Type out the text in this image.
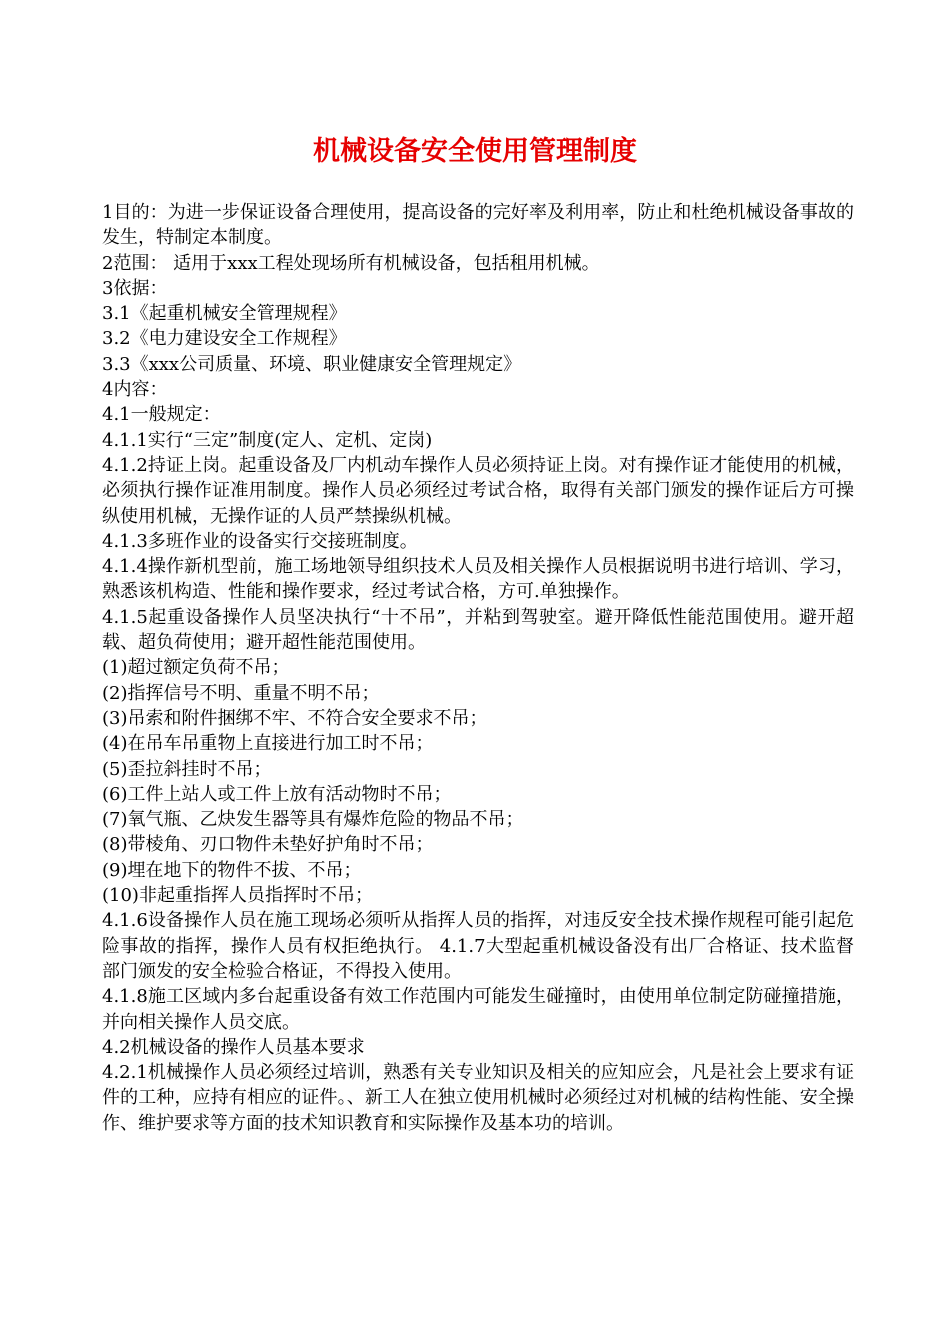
机械设备安全使用管理制度

1目的：为进一步保证设备合理使用，提高设备的完好率及利用率，防止和杜绝机械设备事故的发生，特制定本制度。

2范围： 适用于xxx工程处现场所有机械设备，包括租用机械。

3依据：

3.1《起重机械安全管理规程》

3.2《电力建设安全工作规程》

3.3《xxx公司质量、环境、职业健康安全管理规定》

4内容：

4.1一般规定：

4.1.1实行“三定”制度(定人、定机、定岗)

4.1.2持证上岗。起重设备及厂内机动车操作人员必须持证上岗。对有操作证才能使用的机械，必须执行操作证准用制度。操作人员必须经过考试合格，取得有关部门颁发的操作证后方可操纵使用机械，无操作证的人员严禁操纵机械。

4.1.3多班作业的设备实行交接班制度。

4.1.4操作新机型前，施工场地领导组织技术人员及相关操作人员根据说明书进行培训、学习，熟悉该机构造、性能和操作要求，经过考试合格，方可.单独操作。

4.1.5起重设备操作人员坚决执行“十不吊”，并粘到驾驶室。避开降低性能范围使用。避开超载、超负荷使用；避开超性能范围使用。

(1)超过额定负荷不吊；

(2)指挥信号不明、重量不明不吊；

(3)吊索和附件捆绑不牢、不符合安全要求不吊；

(4)在吊车吊重物上直接进行加工时不吊；

(5)歪拉斜挂时不吊；

(6)工件上站人或工件上放有活动物时不吊；

(7)氧气瓶、乙炔发生器等具有爆炸危险的物品不吊；

(8)带棱角、刃口物件未垫好护角时不吊；

(9)埋在地下的物件不拔、不吊；

(10)非起重指挥人员指挥时不吊；

4.1.6设备操作人员在施工现场必须听从指挥人员的指挥，对违反安全技术操作规程可能引起危险事故的指挥，操作人员有权拒绝执行。 4.1.7大型起重机械设备没有出厂合格证、技术监督部门颁发的安全检验合格证，不得投入使用。

4.1.8施工区域内多台起重设备有效工作范围内可能发生碰撞时，由使用单位制定防碰撞措施，并向相关操作人员交底。

4.2机械设备的操作人员基本要求

4.2.1机械操作人员必须经过培训，熟悉有关专业知识及相关的应知应会，凡是社会上要求有证件的工种，应持有相应的证件。、新工人在独立使用机械时必须经过对机械的结构性能、安全操作、维护要求等方面的技术知识教育和实际操作及基本功的培训。
